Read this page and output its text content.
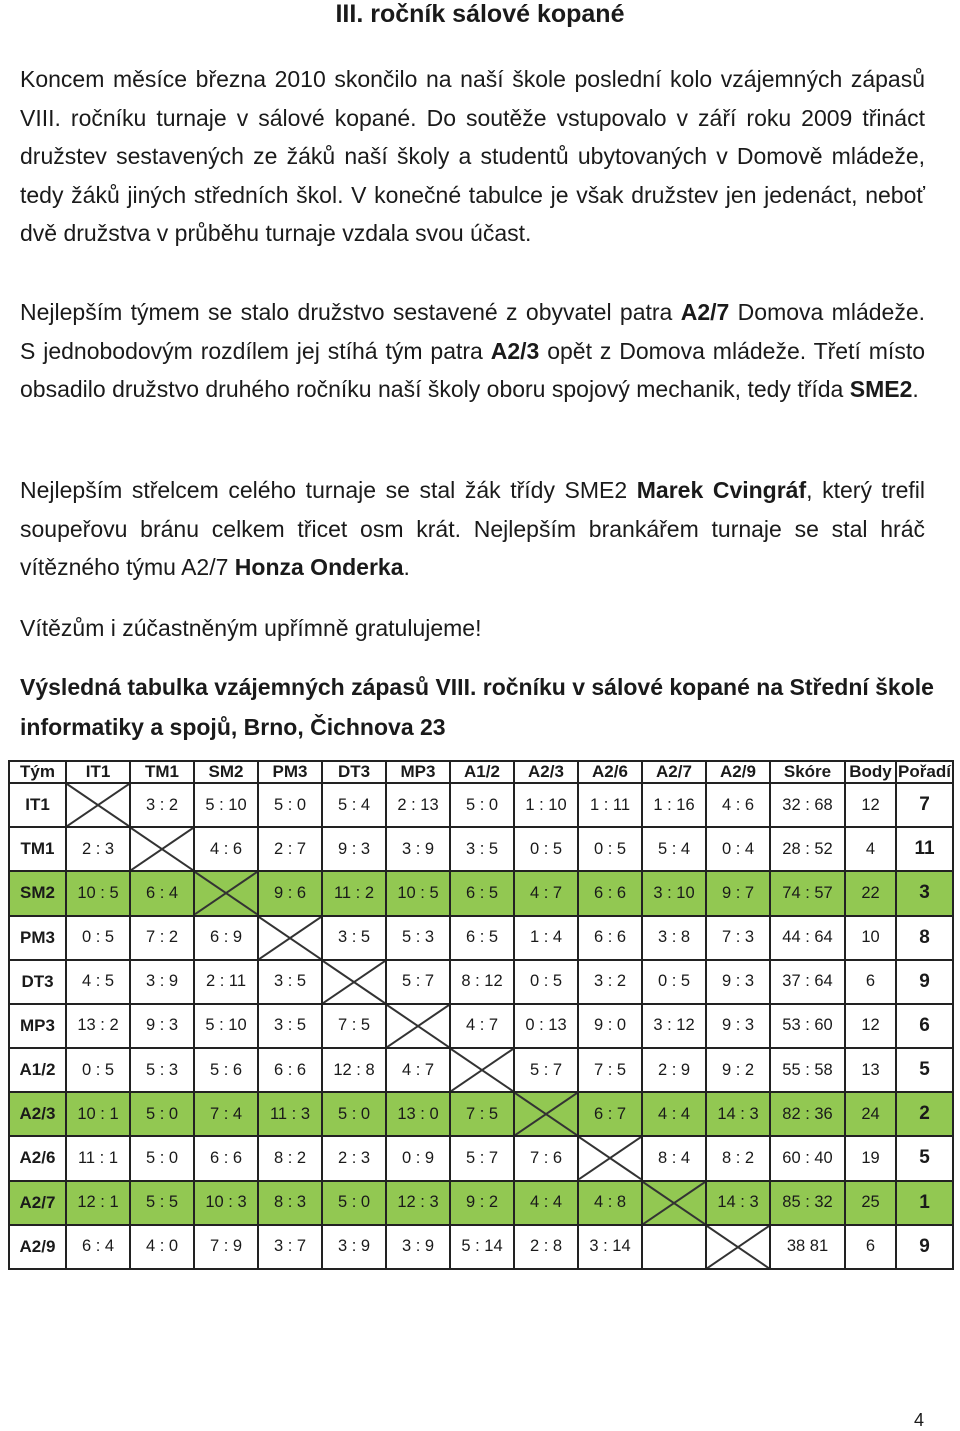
III. ročník sálové kopané

Koncem měsíce března 2010 skončilo na naší škole poslední kolo vzájemných zápasů VIII. ročníku turnaje v sálové kopané. Do soutěže vstupovalo v září roku 2009 třináct družstev sestavených ze žáků naší školy a studentů ubytovaných v Domově mládeže, tedy žáků jiných středních škol. V konečné tabulce je však družstev jen jedenáct, neboť dvě družstva v průběhu turnaje vzdala svou účast.

Nejlepším týmem se stalo družstvo sestavené z obyvatel patra A2/7 Domova mládeže. S jednobodovým rozdílem jej stíhá tým patra A2/3 opět z Domova mládeže. Třetí místo obsadilo družstvo druhého ročníku naší školy oboru spojový mechanik, tedy třída SME2.

Nejlepším střelcem celého turnaje se stal žák třídy SME2 Marek Cvingráf, který trefil soupeřovu bránu celkem třicet osm krát. Nejlepším brankářem turnaje se stal hráč vítězného týmu A2/7 Honza Onderka.

Vítězům i zúčastněným upřímně gratulujeme!

Výsledná tabulka vzájemných zápasů VIII. ročníku v sálové kopané na Střední škole informatiky a spojů, Brno, Čichnova 23

Tým	IT1	TM1	SM2	PM3	DT3	MP3	A1/2	A2/3	A2/6	A2/7	A2/9	Skóre	Body	Pořadí
IT1		3 : 2	5 : 10	5 : 0	5 : 4	2 : 13	5 : 0	1 : 10	1 : 11	1 : 16	4 : 6	32 : 68	12	7
TM1	2 : 3		4 : 6	2 : 7	9 : 3	3 : 9	3 : 5	0 : 5	0 : 5	5 : 4	0 : 4	28 : 52	4	11
SM2	10 : 5	6 : 4		9 : 6	11 : 2	10 : 5	6 : 5	4 : 7	6 : 6	3 : 10	9 : 7	74 : 57	22	3
PM3	0 : 5	7 : 2	6 : 9		3 : 5	5 : 3	6 : 5	1 : 4	6 : 6	3 : 8	7 : 3	44 : 64	10	8
DT3	4 : 5	3 : 9	2 : 11	3 : 5		5 : 7	8 : 12	0 : 5	3 : 2	0 : 5	9 : 3	37 : 64	6	9
MP3	13 : 2	9 : 3	5 : 10	3 : 5	7 : 5		4 : 7	0 : 13	9 : 0	3 : 12	9 : 3	53 : 60	12	6
A1/2	0 : 5	5 : 3	5 : 6	6 : 6	12 : 8	4 : 7		5 : 7	7 : 5	2 : 9	9 : 2	55 : 58	13	5
A2/3	10 : 1	5 : 0	7 : 4	11 : 3	5 : 0	13 : 0	7 : 5		6 : 7	4 : 4	14 : 3	82 : 36	24	2
A2/6	11 : 1	5 : 0	6 : 6	8 : 2	2 : 3	0 : 9	5 : 7	7 : 6		8 : 4	8 : 2	60 : 40	19	5
A2/7	12 : 1	5 : 5	10 : 3	8 : 3	5 : 0	12 : 3	9 : 2	4 : 4	4 : 8		14 : 3	85 : 32	25	1
A2/9	6 : 4	4 : 0	7 : 9	3 : 7	3 : 9	3 : 9	5 : 14	2 : 8	3 : 14			38 81	6	9
4
